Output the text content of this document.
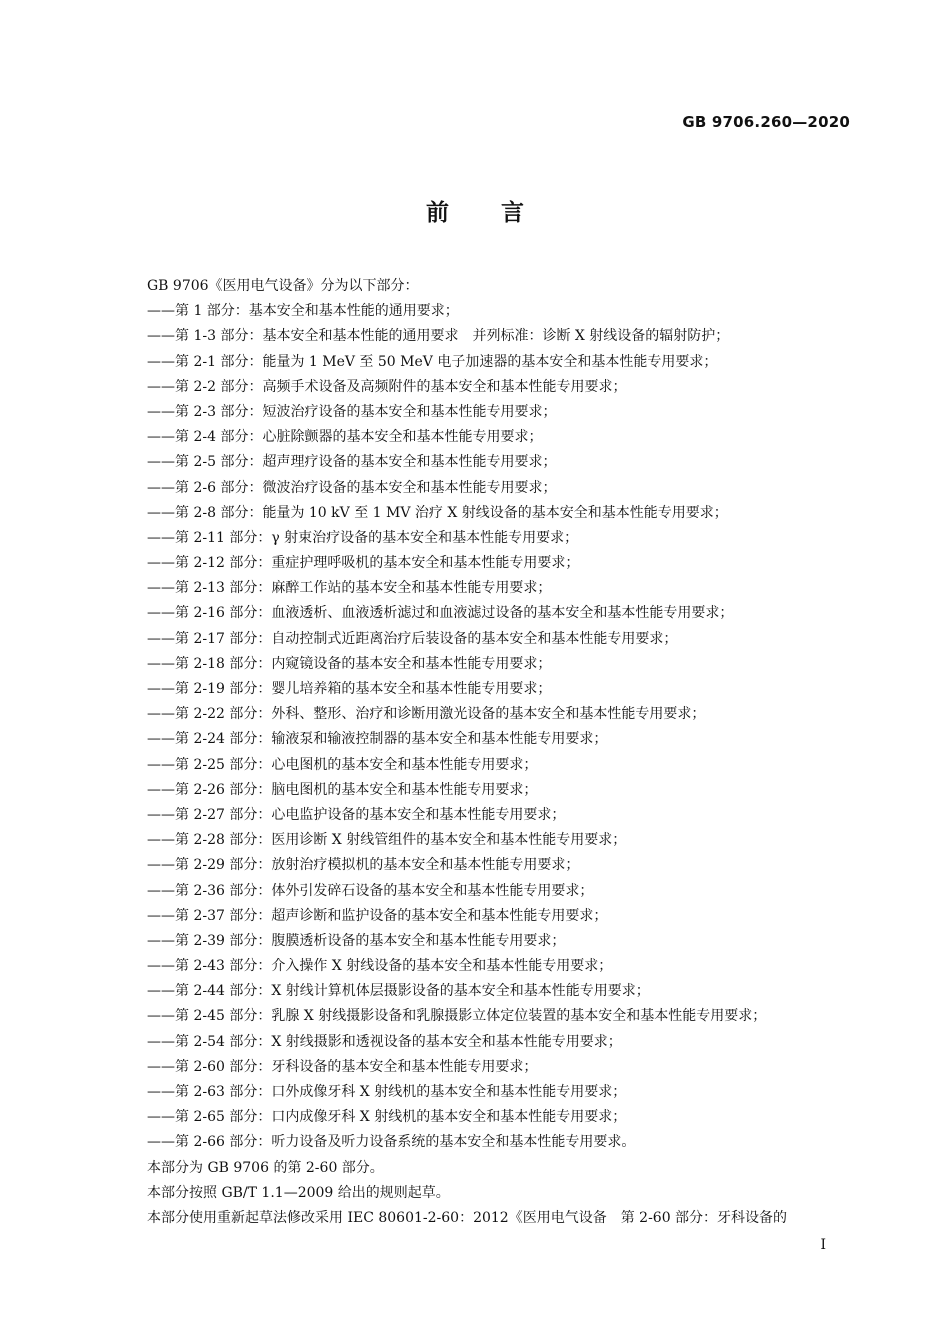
GB 9706.260—2020
前言
GB 9706《医用电气设备》分为以下部分：
——第 1 部分：基本安全和基本性能的通用要求；
——第 1-3 部分：基本安全和基本性能的通用要求　并列标准：诊断 X 射线设备的辐射防护；
——第 2-1 部分：能量为 1 MeV 至 50 MeV 电子加速器的基本安全和基本性能专用要求；
——第 2-2 部分：高频手术设备及高频附件的基本安全和基本性能专用要求；
——第 2-3 部分：短波治疗设备的基本安全和基本性能专用要求；
——第 2-4 部分：心脏除颤器的基本安全和基本性能专用要求；
——第 2-5 部分：超声理疗设备的基本安全和基本性能专用要求；
——第 2-6 部分：微波治疗设备的基本安全和基本性能专用要求；
——第 2-8 部分：能量为 10 kV 至 1 MV 治疗 X 射线设备的基本安全和基本性能专用要求；
——第 2-11 部分：γ 射束治疗设备的基本安全和基本性能专用要求；
——第 2-12 部分：重症护理呼吸机的基本安全和基本性能专用要求；
——第 2-13 部分：麻醉工作站的基本安全和基本性能专用要求；
——第 2-16 部分：血液透析、血液透析滤过和血液滤过设备的基本安全和基本性能专用要求；
——第 2-17 部分：自动控制式近距离治疗后装设备的基本安全和基本性能专用要求；
——第 2-18 部分：内窥镜设备的基本安全和基本性能专用要求；
——第 2-19 部分：婴儿培养箱的基本安全和基本性能专用要求；
——第 2-22 部分：外科、整形、治疗和诊断用激光设备的基本安全和基本性能专用要求；
——第 2-24 部分：输液泵和输液控制器的基本安全和基本性能专用要求；
——第 2-25 部分：心电图机的基本安全和基本性能专用要求；
——第 2-26 部分：脑电图机的基本安全和基本性能专用要求；
——第 2-27 部分：心电监护设备的基本安全和基本性能专用要求；
——第 2-28 部分：医用诊断 X 射线管组件的基本安全和基本性能专用要求；
——第 2-29 部分：放射治疗模拟机的基本安全和基本性能专用要求；
——第 2-36 部分：体外引发碎石设备的基本安全和基本性能专用要求；
——第 2-37 部分：超声诊断和监护设备的基本安全和基本性能专用要求；
——第 2-39 部分：腹膜透析设备的基本安全和基本性能专用要求；
——第 2-43 部分：介入操作 X 射线设备的基本安全和基本性能专用要求；
——第 2-44 部分：X 射线计算机体层摄影设备的基本安全和基本性能专用要求；
——第 2-45 部分：乳腺 X 射线摄影设备和乳腺摄影立体定位装置的基本安全和基本性能专用要求；
——第 2-54 部分：X 射线摄影和透视设备的基本安全和基本性能专用要求；
——第 2-60 部分：牙科设备的基本安全和基本性能专用要求；
——第 2-63 部分：口外成像牙科 X 射线机的基本安全和基本性能专用要求；
——第 2-65 部分：口内成像牙科 X 射线机的基本安全和基本性能专用要求；
——第 2-66 部分：听力设备及听力设备系统的基本安全和基本性能专用要求。
本部分为 GB 9706 的第 2-60 部分。
本部分按照 GB/T 1.1—2009 给出的规则起草。
本部分使用重新起草法修改采用 IEC 80601-2-60：2012《医用电气设备　第 2-60 部分：牙科设备的
I
